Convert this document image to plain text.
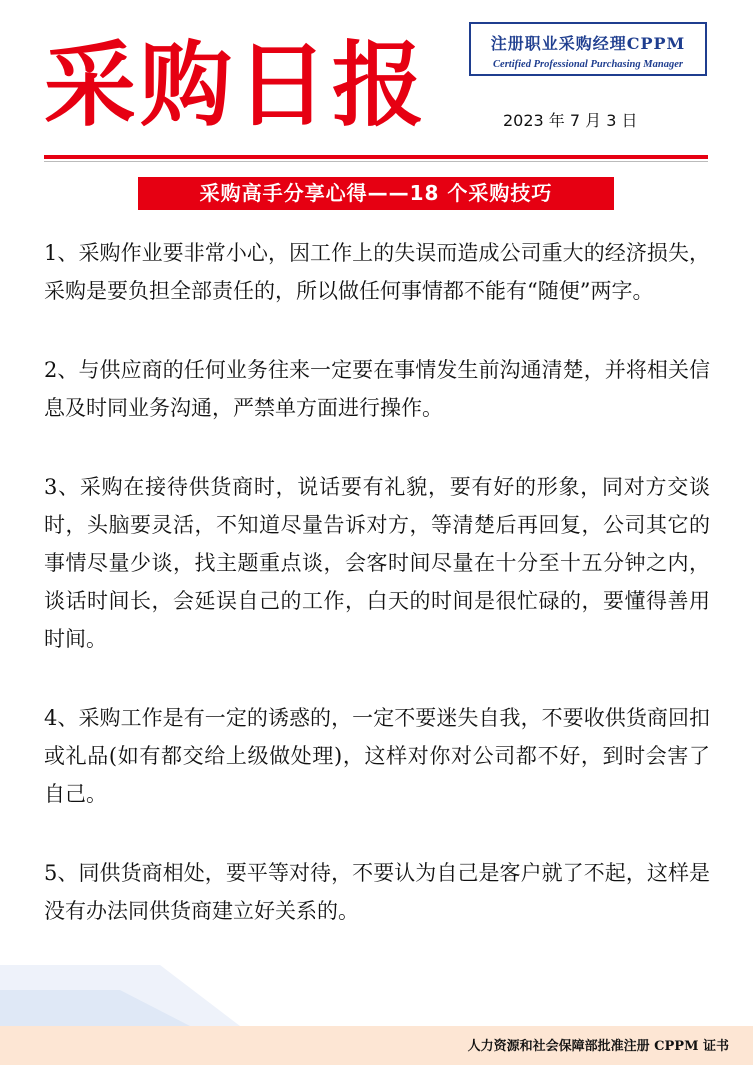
采购日报	注册职业采购经理CPPM
Certified Professional Purchasing Manager
2023 年 7 月 3 日
采购高手分享心得——18 个采购技巧

1、采购作业要非常小心，因工作上的失误而造成公司重大的经济损失，采购是要负担全部责任的，所以做任何事情都不能有“随便”两字。

2、与供应商的任何业务往来一定要在事情发生前沟通清楚，并将相关信息及时同业务沟通，严禁单方面进行操作。

3、采购在接待供货商时，说话要有礼貌，要有好的形象，同对方交谈时，头脑要灵活，不知道尽量告诉对方，等清楚后再回复，公司其它的事情尽量少谈，找主题重点谈，会客时间尽量在十分至十五分钟之内，谈话时间长，会延误自己的工作，白天的时间是很忙碌的，要懂得善用时间。

4、采购工作是有一定的诱惑的，一定不要迷失自我，不要收供货商回扣或礼品(如有都交给上级做处理)，这样对你对公司都不好，到时会害了自己。

5、同供货商相处，要平等对待，不要认为自己是客户就了不起，这样是没有办法同供货商建立好关系的。

人力资源和社会保障部批准注册 CPPM 证书
